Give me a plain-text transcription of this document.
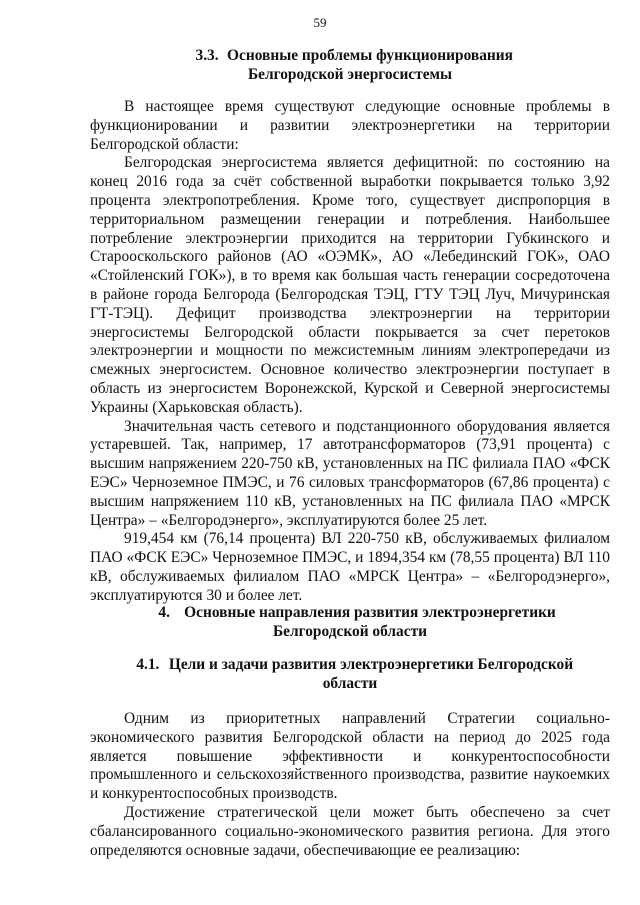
59
3.3. Основные проблемы функционирования
Белгородской энергосистемы

В настоящее время существуют следующие основные проблемы в функционировании и развитии электроэнергетики на территории Белгородской области:

Белгородская энергосистема является дефицитной: по состоянию на конец 2016 года за счёт собственной выработки покрывается только 3,92 процента электропотребления. Кроме того, существует диспропорция в территориальном размещении генерации и потребления. Наибольшее потребление электроэнергии приходится на территории Губкинского и Старооскольского районов (АО «ОЭМК», АО «Лебединский ГОК», ОАО «Стойленский ГОК»), в то время как большая часть генерации сосредоточена в районе города Белгорода (Белгородская ТЭЦ, ГТУ ТЭЦ Луч, Мичуринская ГТ-ТЭЦ). Дефицит производства электроэнергии на территории энергосистемы Белгородской области покрывается за счет перетоков электроэнергии и мощности по межсистемным линиям электропередачи из смежных энергосистем. Основное количество электроэнергии поступает в область из энергосистем Воронежской, Курской и Северной энергосистемы Украины (Харьковская область).

Значительная часть сетевого и подстанционного оборудования является устаревшей. Так, например, 17 автотрансформаторов (73,91 процента) с высшим напряжением 220-750 кВ, установленных на ПС филиала ПАО «ФСК ЕЭС» Черноземное ПМЭС, и 76 силовых трансформаторов (67,86 процента) с высшим напряжением 110 кВ, установленных на ПС филиала ПАО «МРСК Центра» – «Белгородэнерго», эксплуатируются более 25 лет.

919,454 км (76,14 процента) ВЛ 220-750 кВ, обслуживаемых филиалом ПАО «ФСК ЕЭС» Черноземное ПМЭС, и 1894,354 км (78,55 процента) ВЛ 110 кВ, обслуживаемых филиалом ПАО «МРСК Центра» – «Белгородэнерго», эксплуатируются 30 и более лет.

4. Основные направления развития электроэнергетики
Белгородской области
4.1. Цели и задачи развития электроэнергетики Белгородской
области

Одним из приоритетных направлений Стратегии социально-экономического развития Белгородской области на период до 2025 года является повышение эффективности и конкурентоспособности промышленного и сельскохозяйственного производства, развитие наукоемких и конкурентоспособных производств.

Достижение стратегической цели может быть обеспечено за счет сбалансированного социально-экономического развития региона. Для этого определяются основные задачи, обеспечивающие ее реализацию:
